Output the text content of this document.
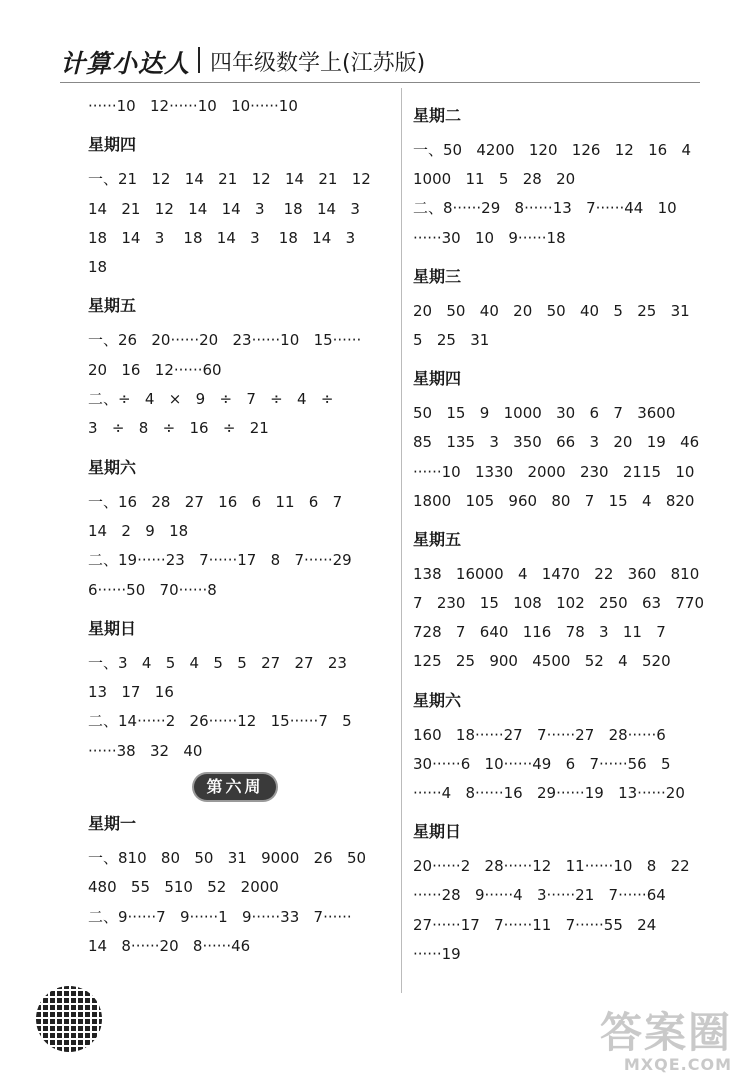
计算小达人 四年级数学上(江苏版)
······10   12······10   10······10
星期四
一、21   12   14   21   12   14   21   12
14   21   12   14   14   3    18   14   3
18   14   3    18   14   3    18   14   3
18
星期五
一、26   20······20   23······10   15······
20   16   12······60
二、÷   4   ×   9   ÷   7   ÷   4   ÷
3   ÷   8   ÷   16   ÷   21
星期六
一、16   28   27   16   6   11   6   7
14   2   9   18
二、19······23   7······17   8   7······29
6······50   70······8
星期日
一、3   4   5   4   5   5   27   27   23
13   17   16
二、14······2   26······12   15······7   5
······38   32   40
第六周
星期一
一、810   80   50   31   9000   26   50
480   55   510   52   2000
二、9······7   9······1   9······33   7······
14   8······20   8······46
星期二
一、50   4200   120   126   12   16   4
1000   11   5   28   20
二、8······29   8······13   7······44   10
······30   10   9······18
星期三
20   50   40   20   50   40   5   25   31
5   25   31
星期四
50   15   9   1000   30   6   7   3600
85   135   3   350   66   3   20   19   46
······10   1330   2000   230   2115   10
1800   105   960   80   7   15   4   820
星期五
138   16000   4   1470   22   360   810
7   230   15   108   102   250   63   770
728   7   640   116   78   3   11   7
125   25   900   4500   52   4   520
星期六
160   18······27   7······27   28······6
30······6   10······49   6   7······56   5
······4   8······16   29······19   13······20
星期日
20······2   28······12   11······10   8   22
······28   9······4   3······21   7······64
27······17   7······11   7······55   24
······19
答案圈
MXQE.COM
